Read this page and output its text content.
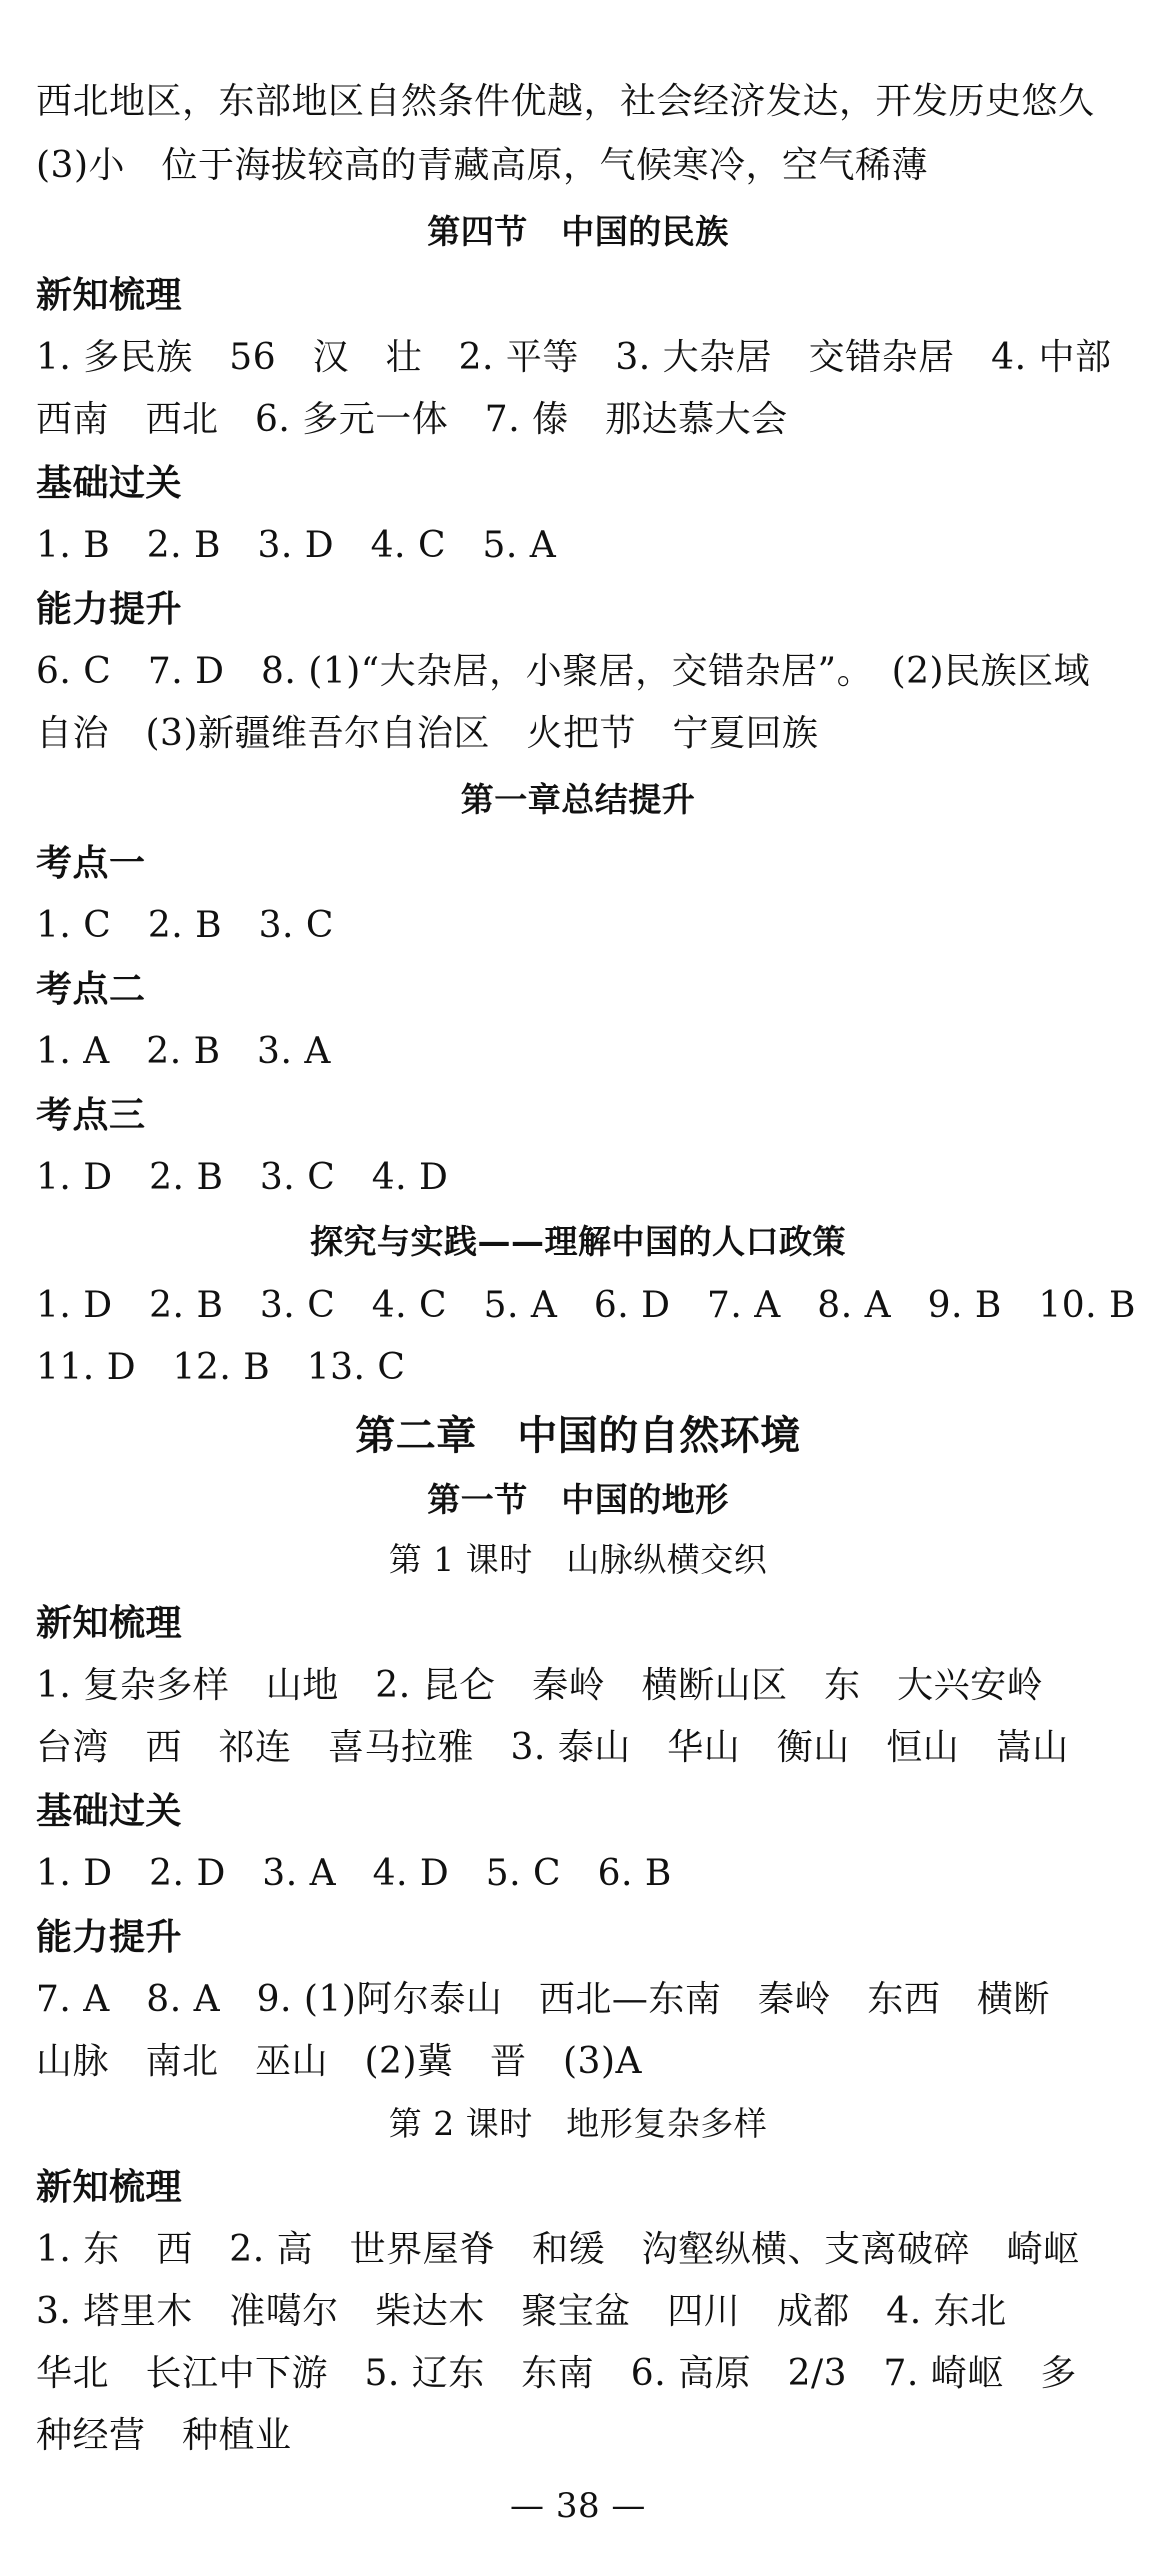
西北地区，东部地区自然条件优越，社会经济发达，开发历史悠久
(3)小　位于海拔较高的青藏高原，气候寒冷，空气稀薄
第四节　中国的民族
新知梳理
1. 多民族　56　汉　壮　2. 平等　3. 大杂居　交错杂居　4. 中部
西南　西北　6. 多元一体　7. 傣　那达慕大会
基础过关
1. B　2. B　3. D　4. C　5. A
能力提升
6. C　7. D　8. (1)“大杂居，小聚居，交错杂居”。　(2)民族区域
自治　(3)新疆维吾尔自治区　火把节　宁夏回族
第一章总结提升
考点一
1. C　2. B　3. C
考点二
1. A　2. B　3. A
考点三
1. D　2. B　3. C　4. D
探究与实践——理解中国的人口政策
1. D　2. B　3. C　4. C　5. A　6. D　7. A　8. A　9. B　10. B
11. D　12. B　13. C
第二章　中国的自然环境
第一节　中国的地形
第 1 课时　山脉纵横交织
新知梳理
1. 复杂多样　山地　2. 昆仑　秦岭　横断山区　东　大兴安岭
台湾　西　祁连　喜马拉雅　3. 泰山　华山　衡山　恒山　嵩山
基础过关
1. D　2. D　3. A　4. D　5. C　6. B
能力提升
7. A　8. A　9. (1)阿尔泰山　西北—东南　秦岭　东西　横断
山脉　南北　巫山　(2)冀　晋　(3)A
第 2 课时　地形复杂多样
新知梳理
1. 东　西　2. 高　世界屋脊　和缓　沟壑纵横、支离破碎　崎岖
3. 塔里木　准噶尔　柴达木　聚宝盆　四川　成都　4. 东北
华北　长江中下游　5. 辽东　东南　6. 高原　2/3　7. 崎岖　多
种经营　种植业
— 38 —
